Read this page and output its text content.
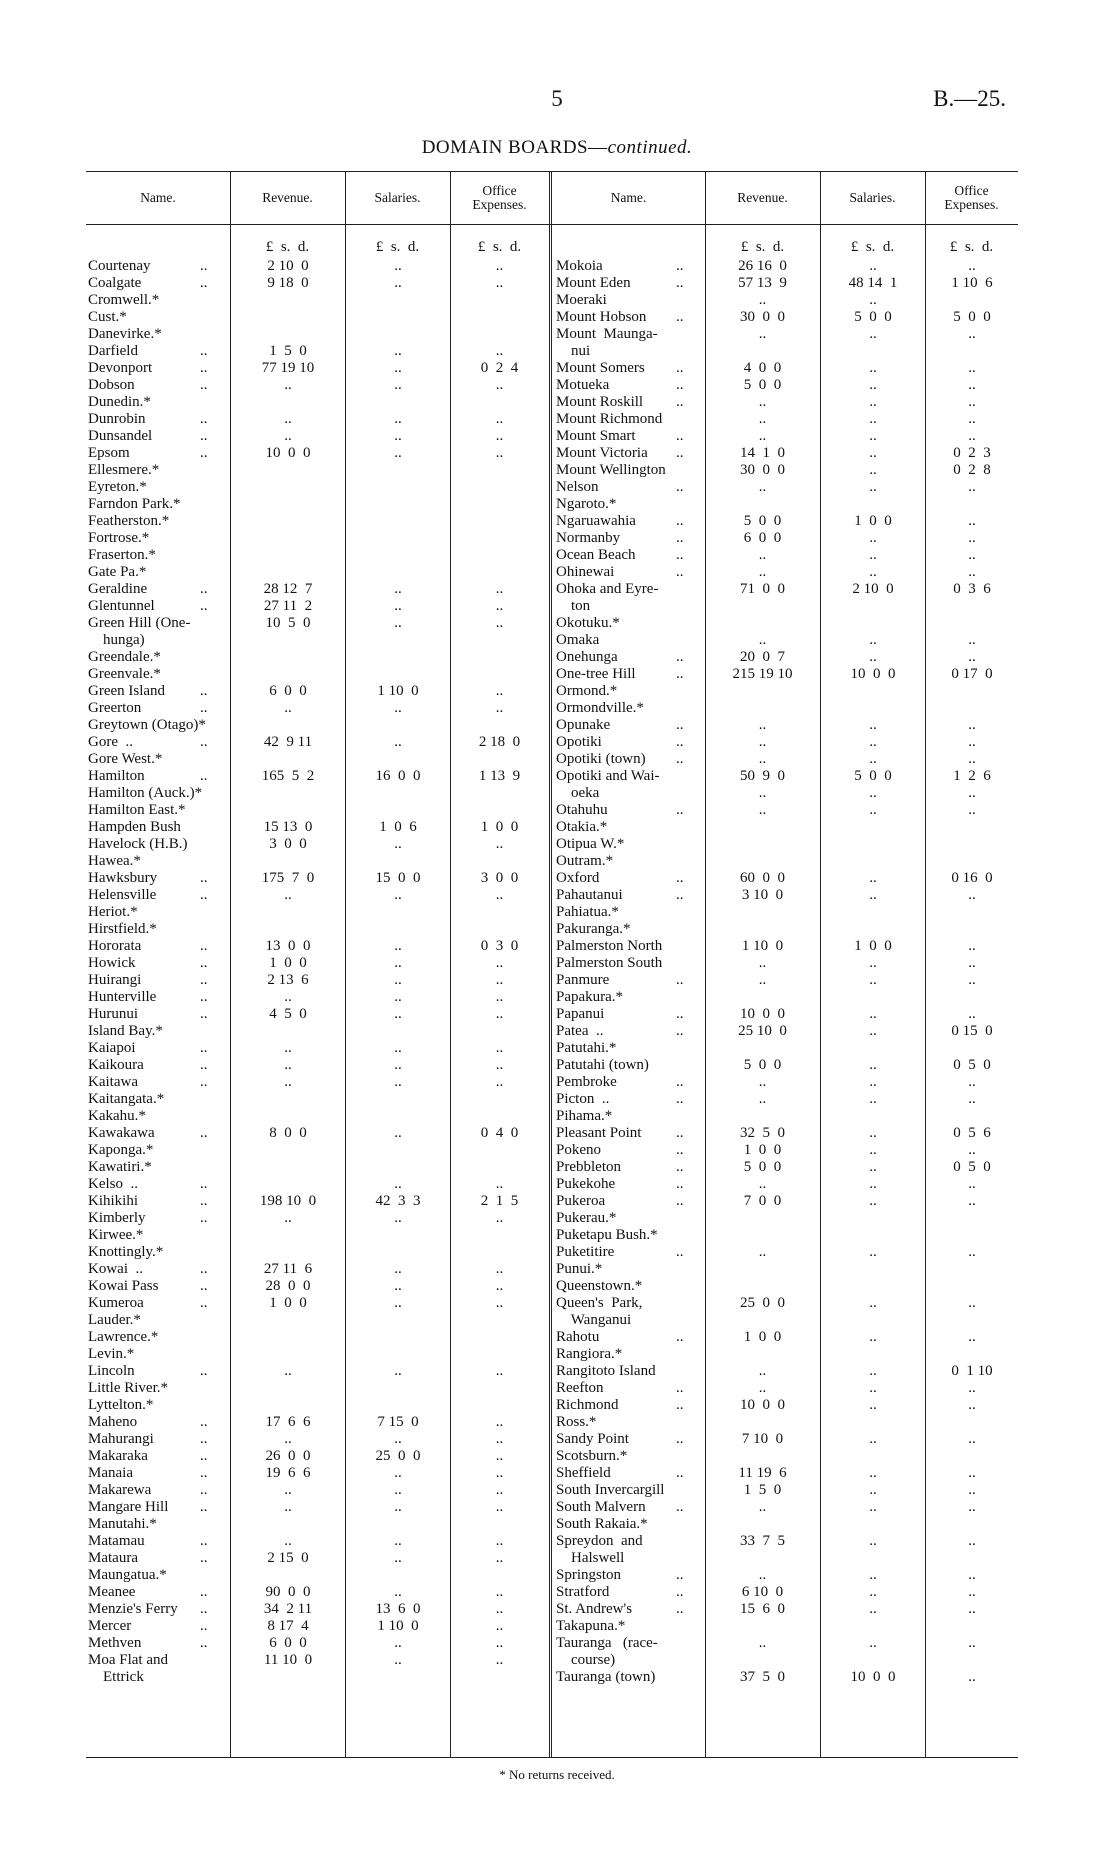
5	B.—25.
DOMAIN BOARDS—continued.
Name.	Revenue.	Salaries.	Office
Expenses.	Name.	Revenue.	Salaries.	Office
Expenses.
£  s.  d.	£  s.  d.	£  s.  d.	£  s.  d.	£  s.  d.	£  s.  d.
Courtenay	..	2 10  0	..	..
Coalgate	..	9 18  0	..	..
Cromwell.*
Cust.*
Danevirke.*
Darfield	..	1  5  0	..	..
Devonport	..	77 19 10	..	0  2  4
Dobson	..	..	..	..
Dunedin.*
Dunrobin	..	..	..	..
Dunsandel	..	..	..	..
Epsom	..	10  0  0	..	..
Ellesmere.*
Eyreton.*
Farndon Park.*
Featherston.*
Fortrose.*
Fraserton.*
Gate Pa.*
Geraldine	..	28 12  7	..	..
Glentunnel	..	27 11  2	..	..
Green Hill (One-	10  5  0	..	..
hunga)
Greendale.*
Greenvale.*
Green Island	..	6  0  0	1 10  0	..
Greerton	..	..	..	..
Greytown (Otago)*
Gore  ..	..	42  9 11	..	2 18  0
Gore West.*
Hamilton	..	165  5  2	16  0  0	1 13  9
Hamilton (Auck.)*
Hamilton East.*
Hampden Bush	15 13  0	1  0  6	1  0  0
Havelock (H.B.)	3  0  0	..	..
Hawea.*
Hawksbury	..	175  7  0	15  0  0	3  0  0
Helensville	..	..	..	..
Heriot.*
Hirstfield.*
Hororata	..	13  0  0	..	0  3  0
Howick	..	1  0  0	..	..
Huirangi	..	2 13  6	..	..
Hunterville	..	..	..	..
Hurunui	..	4  5  0	..	..
Island Bay.*
Kaiapoi	..	..	..	..
Kaikoura	..	..	..	..
Kaitawa	..	..	..	..
Kaitangata.*
Kakahu.*
Kawakawa	..	8  0  0	..	0  4  0
Kaponga.*
Kawatiri.*
Kelso  ..	..	..	..
Kihikihi	..	198 10  0	42  3  3	2  1  5
Kimberly	..	..	..	..
Kirwee.*
Knottingly.*
Kowai  ..	..	27 11  6	..	..
Kowai Pass	..	28  0  0	..	..
Kumeroa	..	1  0  0	..	..
Lauder.*
Lawrence.*
Levin.*
Lincoln	..	..	..	..
Little River.*
Lyttelton.*
Maheno	..	17  6  6	7 15  0	..
Mahurangi	..	..	..	..
Makaraka	..	26  0  0	25  0  0	..
Manaia	..	19  6  6	..	..
Makarewa	..	..	..	..
Mangare Hill	..	..	..	..
Manutahi.*
Matamau	..	..	..	..
Mataura	..	2 15  0	..	..
Maungatua.*
Meanee	..	90  0  0	..	..
Menzie's Ferry	..	34  2 11	13  6  0	..
Mercer	..	8 17  4	1 10  0	..
Methven	..	6  0  0	..	..
Moa Flat and	11 10  0	..	..
Ettrick
Mokoia	..	26 16  0	..	..
Mount Eden	..	57 13  9	48 14  1	1 10  6
Moeraki	..	..
Mount Hobson	..	30  0  0	5  0  0	5  0  0
Mount  Maunga-	..	..	..
nui
Mount Somers	..	4  0  0	..	..
Motueka	..	5  0  0	..	..
Mount Roskill	..	..	..	..
Mount Richmond	..	..	..
Mount Smart	..	..	..	..
Mount Victoria	..	14  1  0	..	0  2  3
Mount Wellington	30  0  0	..	0  2  8
Nelson	..	..	..	..
Ngaroto.*
Ngaruawahia	..	5  0  0	1  0  0	..
Normanby	..	6  0  0	..	..
Ocean Beach	..	..	..	..
Ohinewai	..	..	..	..
Ohoka and Eyre-	71  0  0	2 10  0	0  3  6
ton
Okotuku.*
Omaka	..	..	..
Onehunga	..	20  0  7	..	..
One-tree Hill	..	215 19 10	10  0  0	0 17  0
Ormond.*
Ormondville.*
Opunake	..	..	..	..
Opotiki	..	..	..	..
Opotiki (town)	..	..	..	..
Opotiki and Wai-	50  9  0	5  0  0	1  2  6
oeka	..	..	..
Otahuhu	..	..	..	..
Otakia.*
Otipua W.*
Outram.*
Oxford	..	60  0  0	..	0 16  0
Pahautanui	..	3 10  0	..	..
Pahiatua.*
Pakuranga.*
Palmerston North	1 10  0	1  0  0	..
Palmerston South	..	..	..
Panmure	..	..	..	..
Papakura.*
Papanui	..	10  0  0	..	..
Patea  ..	..	25 10  0	..	0 15  0
Patutahi.*
Patutahi (town)	5  0  0	..	0  5  0
Pembroke	..	..	..	..
Picton  ..	..	..	..	..
Pihama.*
Pleasant Point	..	32  5  0	..	0  5  6
Pokeno	..	1  0  0	..	..
Prebbleton	..	5  0  0	..	0  5  0
Pukekohe	..	..	..	..
Pukeroa	..	7  0  0	..	..
Pukerau.*
Puketapu Bush.*
Puketitire	..	..	..	..
Punui.*
Queenstown.*
Queen's  Park,	25  0  0	..	..
Wanganui
Rahotu	..	1  0  0	..	..
Rangiora.*
Rangitoto Island	..	..	0  1 10
Reefton	..	..	..	..
Richmond	..	10  0  0	..	..
Ross.*
Sandy Point	..	7 10  0	..	..
Scotsburn.*
Sheffield	..	11 19  6	..	..
South Invercargill	1  5  0	..	..
South Malvern	..	..	..	..
South Rakaia.*
Spreydon  and	33  7  5	..	..
Halswell
Springston	..	..	..	..
Stratford	..	6 10  0	..	..
St. Andrew's	..	15  6  0	..	..
Takapuna.*
Tauranga   (race-	..	..	..
course)
Tauranga (town)	37  5  0	10  0  0	..
* No returns received.
